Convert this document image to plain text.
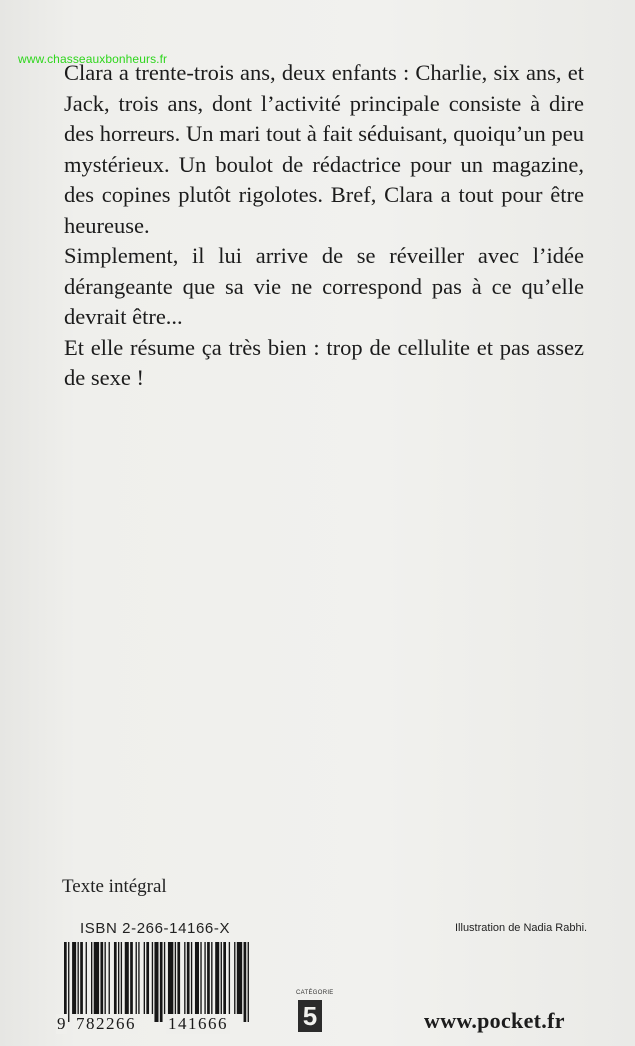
www.chasseauxbonheurs.fr

Clara a trente-trois ans, deux enfants : Charlie, six ans, et Jack, trois ans, dont l’activité principale consiste à dire des horreurs. Un mari tout à fait séduisant, quoiqu’un peu mystérieux. Un boulot de rédactrice pour un magazine, des copines plutôt rigolotes. Bref, Clara a tout pour être heureuse.

Simplement, il lui arrive de se réveiller avec l’idée dérangeante que sa vie ne correspond pas à ce qu’elle devrait être...

Et elle résume ça très bien : trop de cellulite et pas assez de sexe !

Texte intégral
ISBN 2-266-14166-X	Illustration de Nadia Rabhi.
9 782266 141666
CATÉGORIE
5	www.pocket.fr
